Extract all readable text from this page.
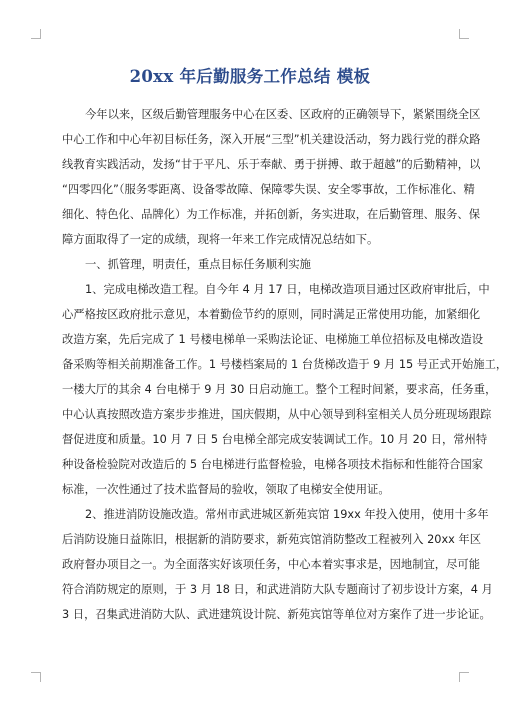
20xx 年后勤服务工作总结 模板
今年以来，区级后勤管理服务中心在区委、区政府的正确领导下，紧紧围绕全区
中心工作和中心年初目标任务，深入开展“三型”机关建设活动，努力践行党的群众路
线教育实践活动，发扬“甘于平凡、乐于奉献、勇于拼搏、敢于超越”的后勤精神，以
“四零四化”（服务零距离、设备零故障、保障零失误、安全零事故，工作标准化、精
细化、特色化、品牌化）为工作标准，并拓创新，务实进取，在后勤管理、服务、保
障方面取得了一定的成绩，现将一年来工作完成情况总结如下。
一、抓管理，明责任，重点目标任务顺利实施
1、完成电梯改造工程。自今年 4 月 17 日，电梯改造项目通过区政府审批后，中
心严格按区政府批示意见，本着勤俭节约的原则，同时满足正常使用功能，加紧细化
改造方案，先后完成了 1 号楼电梯单一采购法论证、电梯施工单位招标及电梯改造设
备采购等相关前期准备工作。1 号楼档案局的 1 台货梯改造于 9 月 15 号正式开始施工，
一楼大厅的其余 4 台电梯于 9 月 30 日启动施工。整个工程时间紧，要求高，任务重，
中心认真按照改造方案步步推进，国庆假期，从中心领导到科室相关人员分班现场跟踪
督促进度和质量。10 月 7 日 5 台电梯全部完成安装调试工作。10 月 20 日，常州特
种设备检验院对改造后的 5 台电梯进行监督检验，电梯各项技术指标和性能符合国家
标准，一次性通过了技术监督局的验收，领取了电梯安全使用证。
2、推进消防设施改造。常州市武进城区新苑宾馆 19xx 年投入使用，使用十多年
后消防设施日益陈旧，根据新的消防要求，新苑宾馆消防整改工程被列入 20xx 年区
政府督办项目之一。为全面落实好该项任务，中心本着实事求是，因地制宜，尽可能
符合消防规定的原则，于 3 月 18 日，和武进消防大队专题商讨了初步设计方案，4 月
3 日，召集武进消防大队、武进建筑设计院、新苑宾馆等单位对方案作了进一步论证。
